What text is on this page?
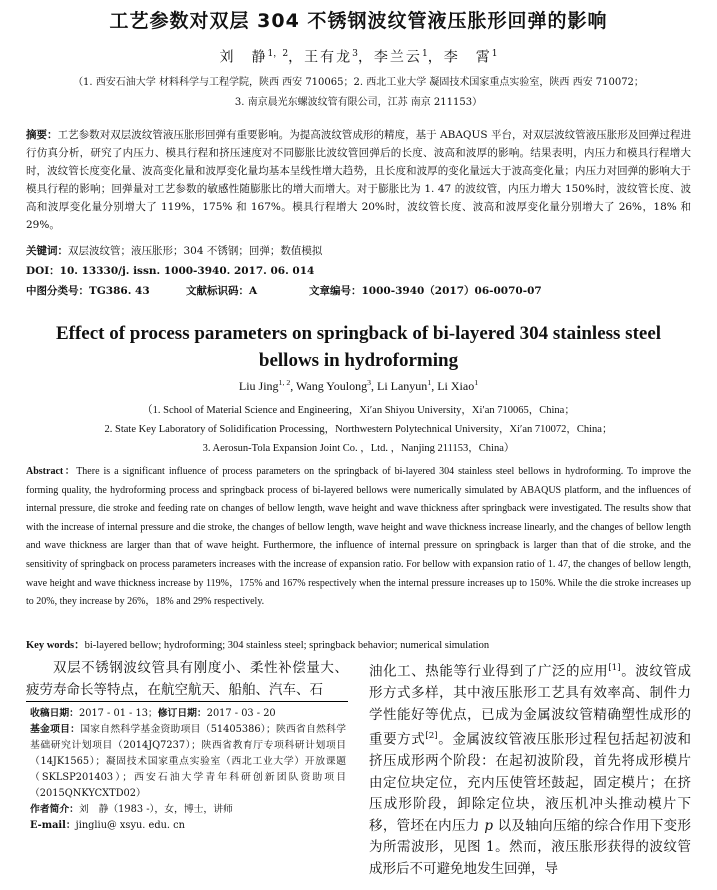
工艺参数对双层 304 不锈钢波纹管液压胀形回弹的影响
刘　静$^{1,2}$，王有龙$^3$，李兰云$^1$，李　霄$^1$
（1. 西安石油大学 材料科学与工程学院，陕西 西安 710065；2. 西北工业大学 凝固技术国家重点实验室，陕西 西安 710072；
3. 南京晨光东螺波纹管有限公司，江苏 南京 211153）
摘要：工艺参数对双层波纹管液压胀形回弹有重要影响。为提高波纹管成形的精度，基于 ABAQUS 平台，对双层波纹管液压胀形及回弹过程进行仿真分析，研究了内压力、模具行程和挤压速度对不同膨胀比波纹管回弹后的长度、波高和波厚的影响。结果表明，内压力和模具行程增大时，波纹管长度变化量、波高变化量和波厚变化量均基本呈线性增大趋势，且长度和波厚的变化量远大于波高变化量；内压力对回弹的影响大于模具行程的影响；回弹量对工艺参数的敏感性随膨胀比的增大而增大。对于膨胀比为 1. 47 的波纹管，内压力增大 150%时，波纹管长度、波高和波厚变化量分别增大了 119%，175% 和 167%。模具行程增大 20%时，波纹管长度、波高和波厚变化量分别增大了 26%，18% 和 29%。
关键词：双层波纹管；液压胀形；304 不锈钢；回弹；数值模拟
DOI：10. 13330/j. issn. 1000-3940. 2017. 06. 014
中图分类号：TG386. 43	文献标识码：A	文章编号：1000-3940（2017）06-0070-07
Effect of process parameters on springback of bi-layered 304 stainless steel bellows in hydroforming
Liu Jing$^{1, 2}$, Wang Youlong$^3$, Li Lanyun$^1$, Li Xiao$^1$
（1. School of Material Science and Engineering，Xi′an Shiyou University，Xi′an 710065，China；
2. State Key Laboratory of Solidification Processing，Northwestern Polytechnical University，Xi′an 710072，China；
3. Aerosun-Tola Expansion Joint Co. ，Ltd. ，Nanjing 211153，China）
Abstract：There is a significant influence of process parameters on the springback of bi-layered 304 stainless steel bellows in hydroforming. To improve the forming quality, the hydroforming process and springback process of bi-layered bellows were numerically simulated by ABAQUS platform, and the influences of internal pressure, die stroke and feeding rate on changes of bellow length, wave height and wave thickness after springback were investigated. The results show that with the increase of internal pressure and die stroke, the changes of bellow length, wave height and wave thickness increase linearly, and the changes of bellow length and wave thickness are larger than that of wave height. Furthermore, the influence of internal pressure on springback is larger than that of die stroke, and the sensitivity of springback on process parameters increases with the increase of expansion ratio. For bellow with expansion ratio of 1. 47, the changes of bellow length, wave height and wave thickness increase by 119%，175% and 167% respectively when the internal pressure increases up to 150%. While the die stroke increases up to 20%, they increase by 26%，18% and 29% respectively.
Key words：bi-layered bellow; hydroforming; 304 stainless steel; springback behavior; numerical simulation
双层不锈钢波纹管具有刚度小、柔性补偿量大、疲劳寿命长等特点，在航空航天、船舶、汽车、石
收稿日期：2017 - 01 - 13；修订日期：2017 - 03 - 20
基金项目：国家自然科学基金资助项目（51405386）；陕西省自然科学基础研究计划项目（2014JQ7237）；陕西省教育厅专项科研计划项目（14JK1565）；凝固技术国家重点实验室（西北工业大学）开放课题（SKLSP201403）；西安石油大学青年科研创新团队资助项目（2015QNKYCXTD02）
作者简介：刘　静（1983 -），女，博士，讲师
E-mail：jingliu@ xsyu. edu. cn
油化工、热能等行业得到了广泛的应用[1]。波纹管成形方式多样，其中液压胀形工艺具有效率高、制件力学性能好等优点，已成为金属波纹管精确塑性成形的重要方式[2]。金属波纹管液压胀形过程包括起初波和挤压成形两个阶段：在起初波阶段，首先将成形模片由定位块定位，充内压使管坯鼓起，固定模片；在挤压成形阶段，卸除定位块，液压机冲头推动模片下移，管坯在内压力 p 以及轴向压缩的综合作用下变形为所需波形，见图 1。然而，液压胀形获得的波纹管成形后不可避免地发生回弹，导
